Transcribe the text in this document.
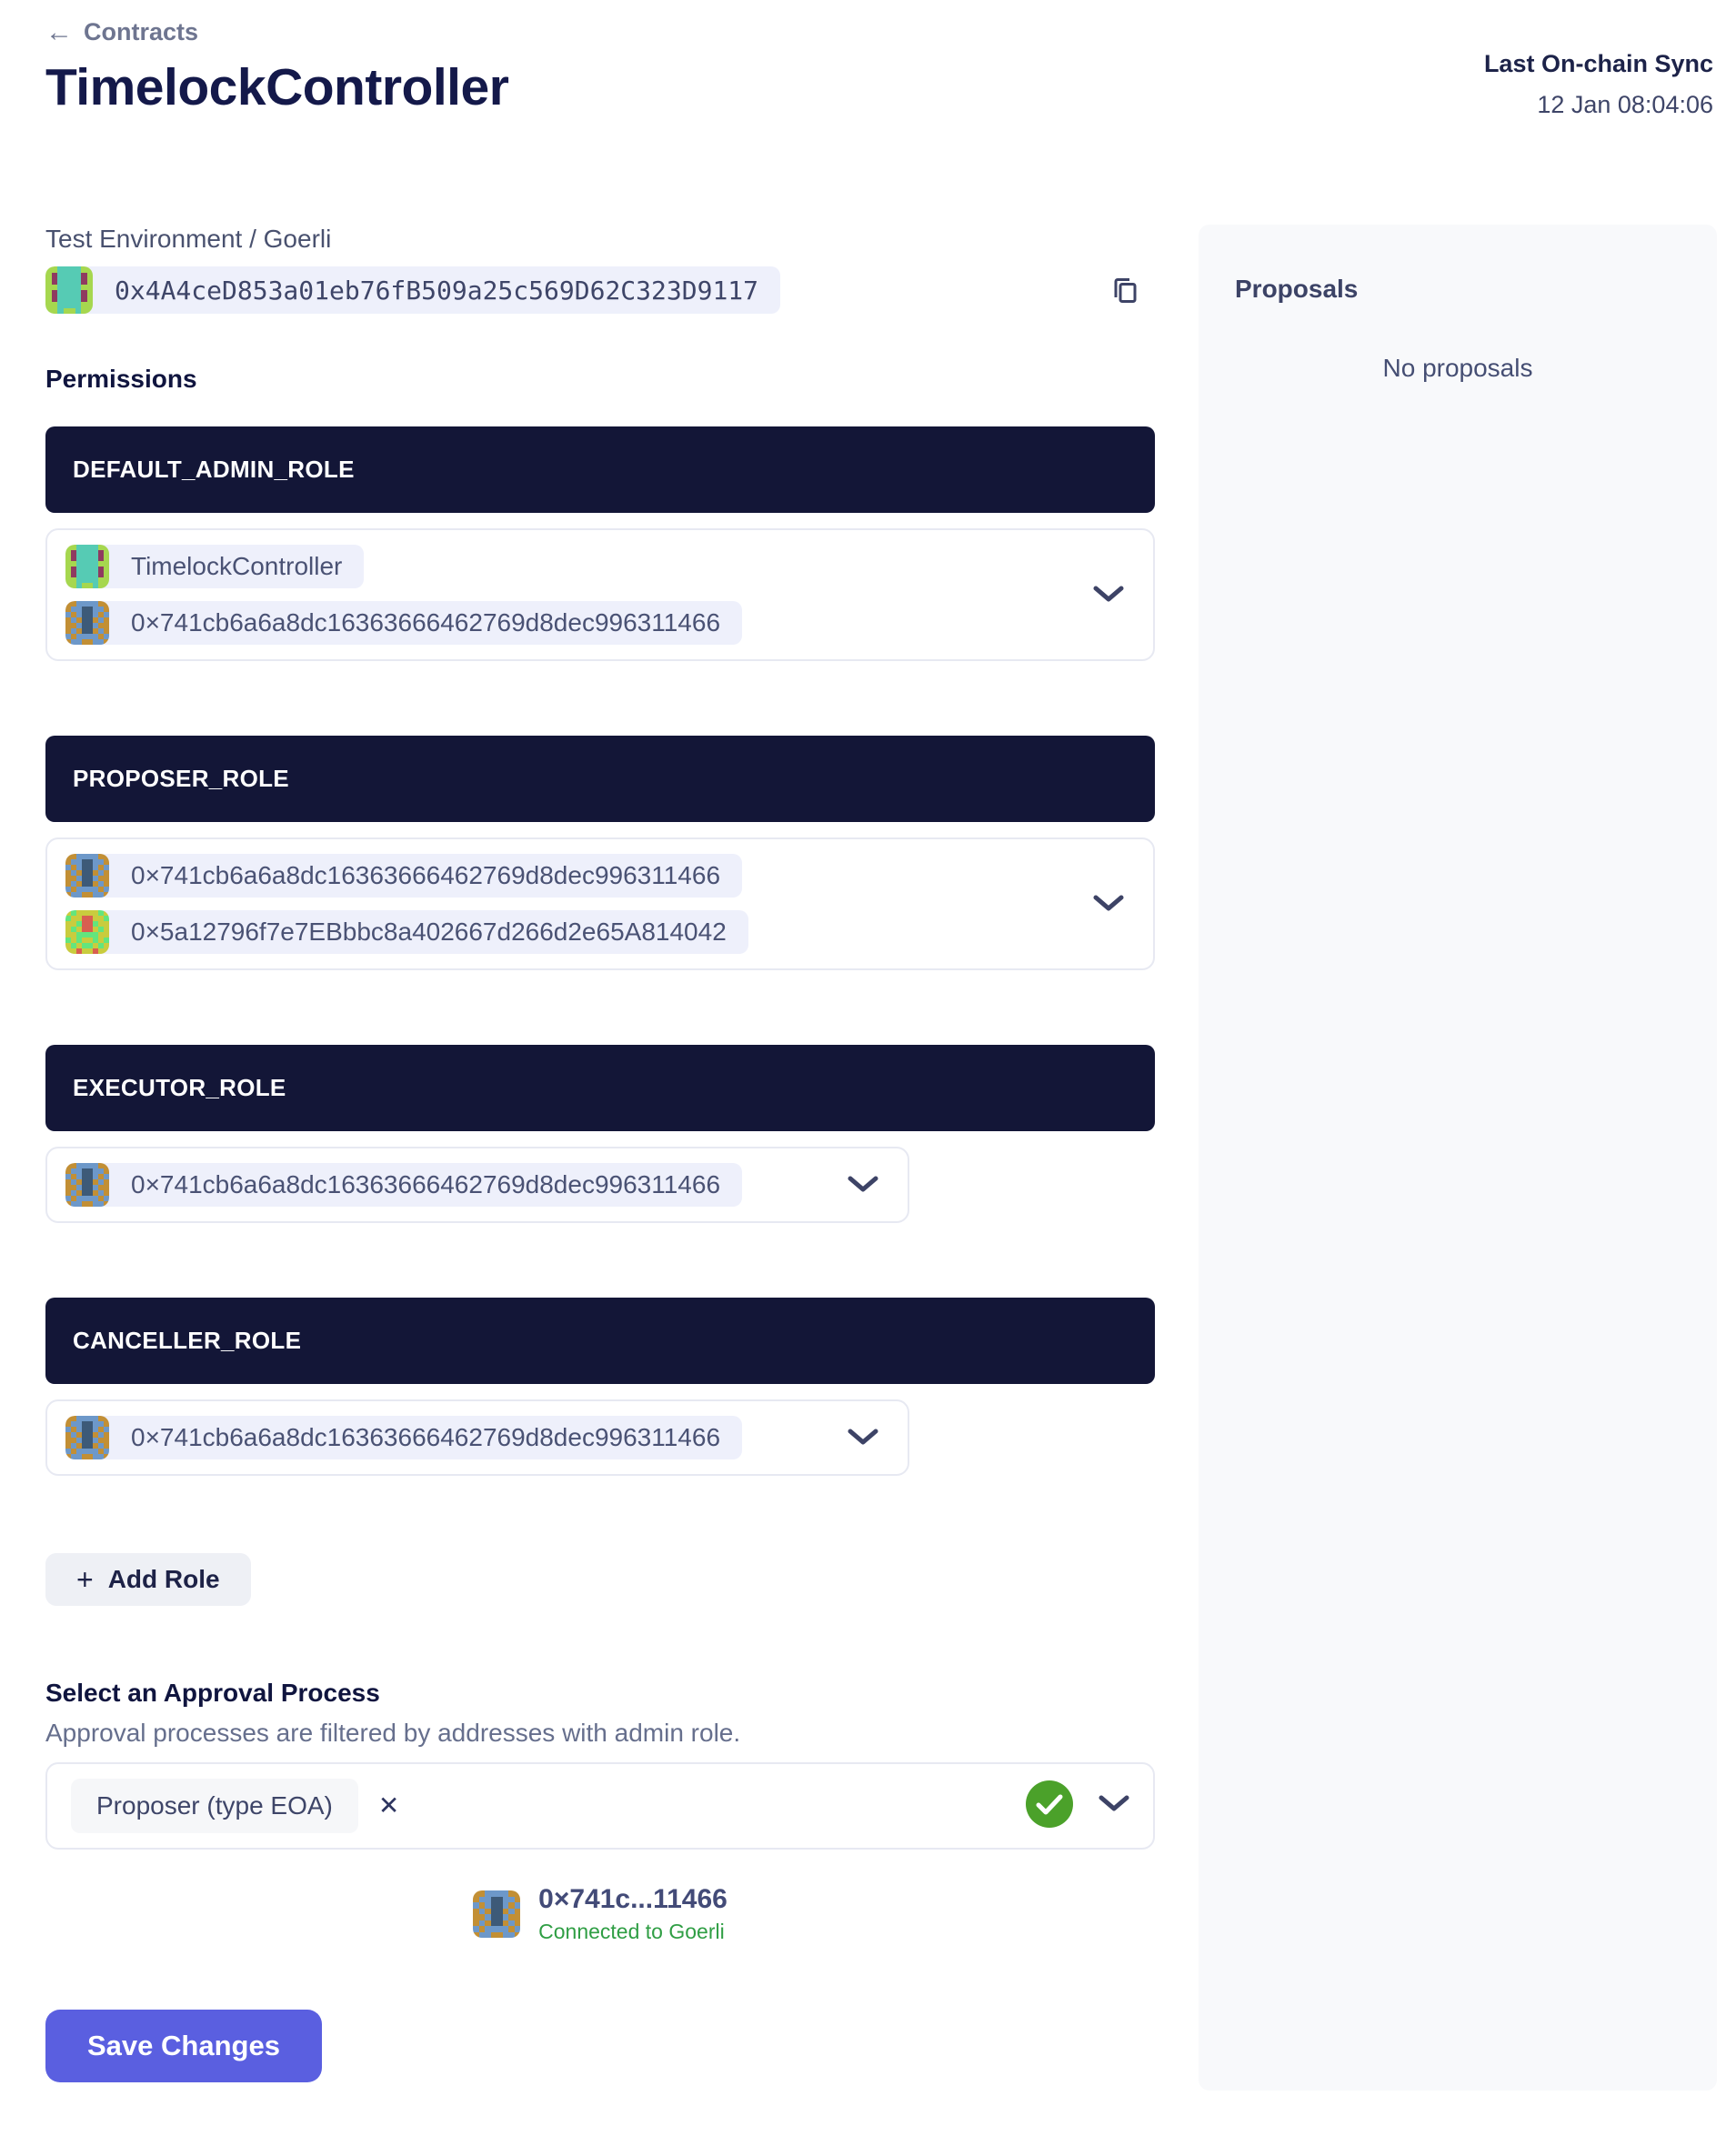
← Contracts
TimelockController	Last On-chain Sync
12 Jan 08:04:06
Test Environment / Goerli
0x4A4ceD853a01eb76fB509a25c569D62C323D9117
Permissions
DEFAULT_ADMIN_ROLE
TimelockController
0×741cb6a6a8dc16363666462769d8dec996311466
PROPOSER_ROLE
0×741cb6a6a8dc16363666462769d8dec996311466
0×5a12796f7e7EBbbc8a402667d266d2e65A814042
EXECUTOR_ROLE
0×741cb6a6a8dc16363666462769d8dec996311466
CANCELLER_ROLE
0×741cb6a6a8dc16363666462769d8dec996311466
+ Add Role
Select an Approval Process
Approval processes are filtered by addresses with admin role.
Proposer (type EOA) ✕
0×741c...11466
Connected to Goerli
Save Changes
Proposals
No proposals
